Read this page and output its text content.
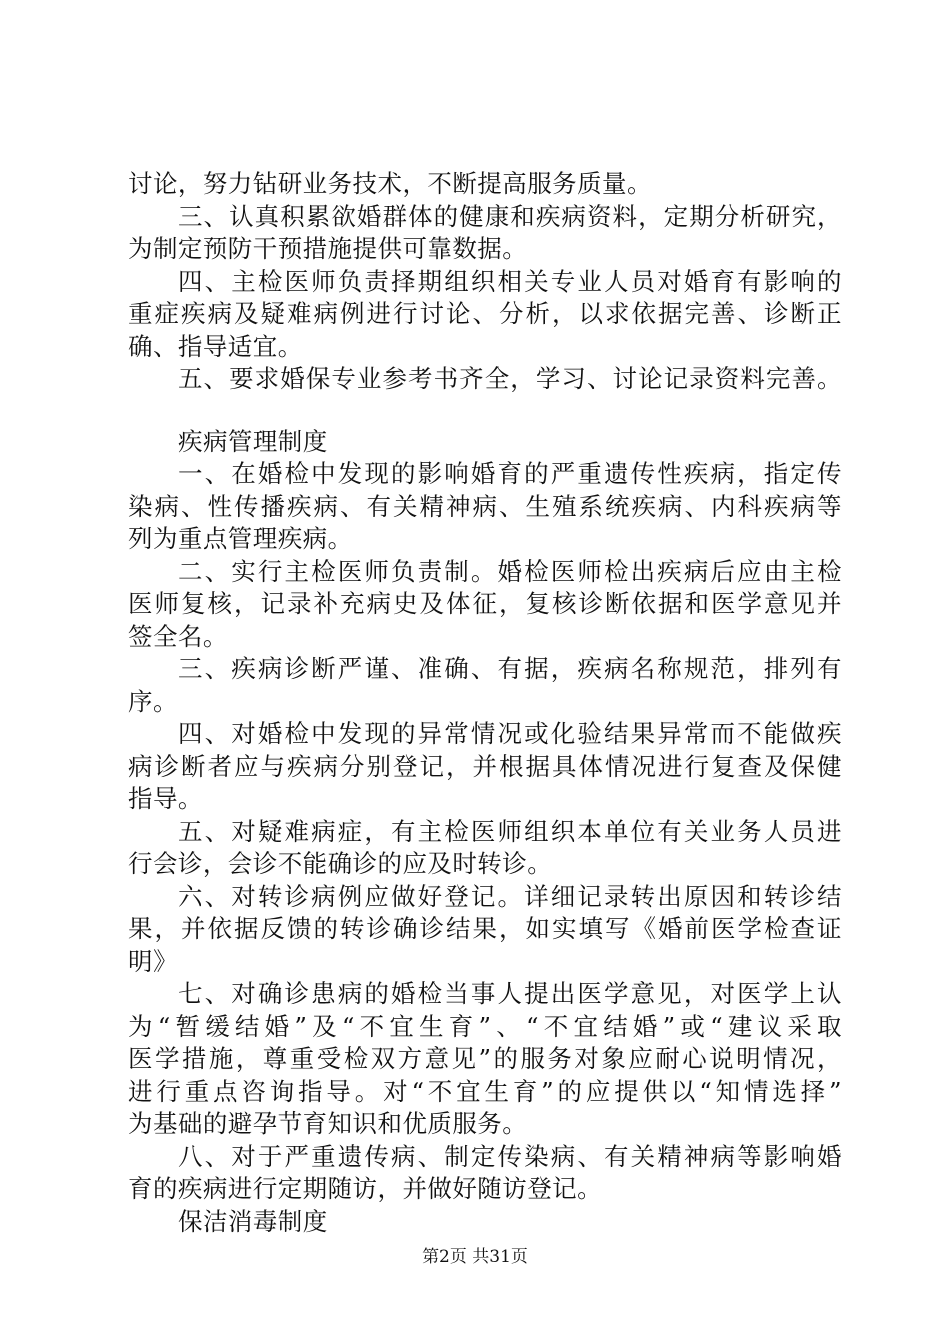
讨论，努力钻研业务技术，不断提高服务质量。
三、认真积累欲婚群体的健康和疾病资料，定期分析研究，
为制定预防干预措施提供可靠数据。
四、主检医师负责择期组织相关专业人员对婚育有影响的
重症疾病及疑难病例进行讨论、分析，以求依据完善、诊断正
确、指导适宜。
五、要求婚保专业参考书齐全，学习、讨论记录资料完善。
疾病管理制度
一、在婚检中发现的影响婚育的严重遗传性疾病，指定传
染病、性传播疾病、有关精神病、生殖系统疾病、内科疾病等
列为重点管理疾病。
二、实行主检医师负责制。婚检医师检出疾病后应由主检
医师复核，记录补充病史及体征，复核诊断依据和医学意见并
签全名。
三、疾病诊断严谨、准确、有据，疾病名称规范，排列有
序。
四、对婚检中发现的异常情况或化验结果异常而不能做疾
病诊断者应与疾病分别登记，并根据具体情况进行复查及保健
指导。
五、对疑难病症，有主检医师组织本单位有关业务人员进
行会诊，会诊不能确诊的应及时转诊。
六、对转诊病例应做好登记。详细记录转出原因和转诊结
果，并依据反馈的转诊确诊结果，如实填写《婚前医学检查证
明》
七、对确诊患病的婚检当事人提出医学意见，对医学上认
为“暂缓结婚”及“不宜生育”、“不宜结婚”或“建议采取
医学措施，尊重受检双方意见”的服务对象应耐心说明情况，
进行重点咨询指导。对“不宜生育”的应提供以“知情选择”
为基础的避孕节育知识和优质服务。
八、对于严重遗传病、制定传染病、有关精神病等影响婚
育的疾病进行定期随访，并做好随访登记。
保洁消毒制度
第2页 共31页
